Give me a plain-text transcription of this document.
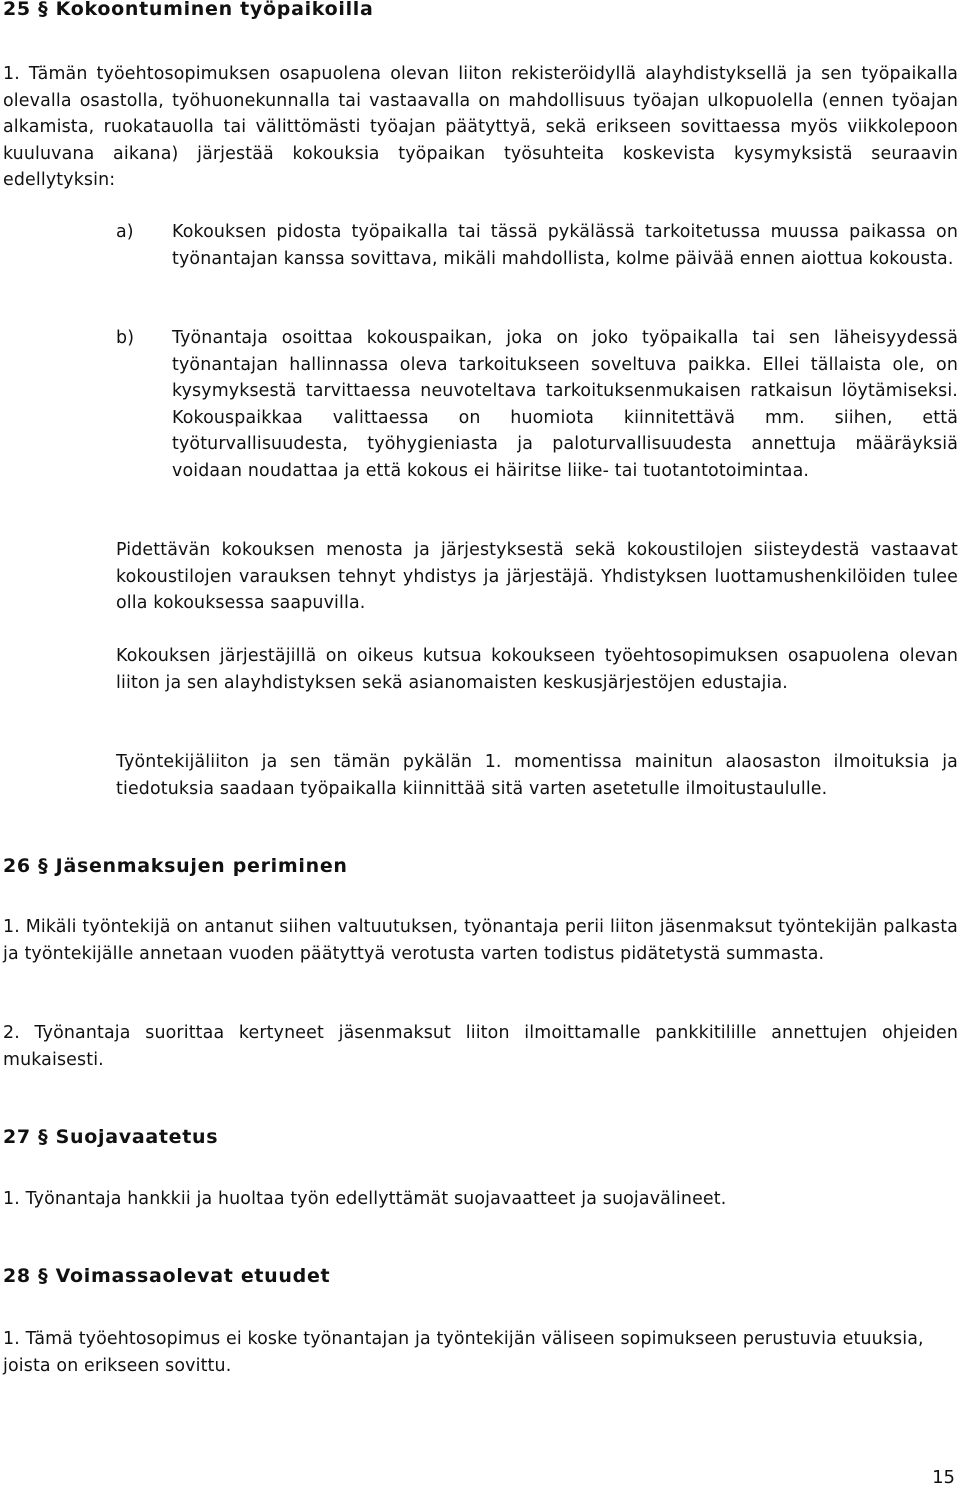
25 § Kokoontuminen työpaikoilla

1. Tämän työehtosopimuksen osapuolena olevan liiton rekisteröidyllä alayhdistyksellä ja sen työpaikalla olevalla osastolla, työhuonekunnalla tai vastaavalla on mahdollisuus työajan ulkopuolella (ennen työajan alkamista, ruokatauolla tai välittömästi työajan päätyttyä, sekä erikseen sovittaessa myös viikkolepoon kuuluvana aikana) järjestää kokouksia työpaikan työsuhteita koskevista kysymyksistä seuraavin edellytyksin:

a)	Kokouksen pidosta työpaikalla tai tässä pykälässä tarkoitetussa muussa paikassa on työnantajan kanssa sovittava, mikäli mahdollista, kolme päivää ennen aiottua kokousta.
b)	Työnantaja osoittaa kokouspaikan, joka on joko työpaikalla tai sen läheisyydessä työnantajan hallinnassa oleva tarkoitukseen soveltuva paikka. Ellei tällaista ole, on kysymyksestä tarvittaessa neuvoteltava tarkoituksenmukaisen ratkaisun löytämiseksi. Kokouspaikkaa valittaessa on huomiota kiinnitettävä mm. siihen, että työturvallisuudesta, työhygieniasta ja paloturvallisuudesta annettuja määräyksiä voidaan noudattaa ja että kokous ei häiritse liike- tai tuotantotoimintaa.

Pidettävän kokouksen menosta ja järjestyksestä sekä kokoustilojen siisteydestä vastaavat kokoustilojen varauksen tehnyt yhdistys ja järjestäjä. Yhdistyksen luottamushenkilöiden tulee olla kokouksessa saapuvilla.

Kokouksen järjestäjillä on oikeus kutsua kokoukseen työehtosopimuksen osapuolena olevan liiton ja sen alayhdistyksen sekä asianomaisten keskusjärjestöjen edustajia.

Työntekijäliiton ja sen tämän pykälän 1. momentissa mainitun alaosaston ilmoituksia ja tiedotuksia saadaan työpaikalla kiinnittää sitä varten asetetulle ilmoitustaululle.

26 § Jäsenmaksujen periminen

1. Mikäli työntekijä on antanut siihen valtuutuksen, työnantaja perii liiton jäsenmaksut työntekijän palkasta ja työntekijälle annetaan vuoden päätyttyä verotusta varten todistus pidätetystä summasta.

2. Työnantaja suorittaa kertyneet jäsenmaksut liiton ilmoittamalle pankkitilille annettujen ohjeiden mukaisesti.

27 § Suojavaatetus

1. Työnantaja hankkii ja huoltaa työn edellyttämät suojavaatteet ja suojavälineet.

28 § Voimassaolevat etuudet

1. Tämä työehtosopimus ei koske työnantajan ja työntekijän väliseen sopimukseen perustuvia etuuksia, joista on erikseen sovittu.

15
